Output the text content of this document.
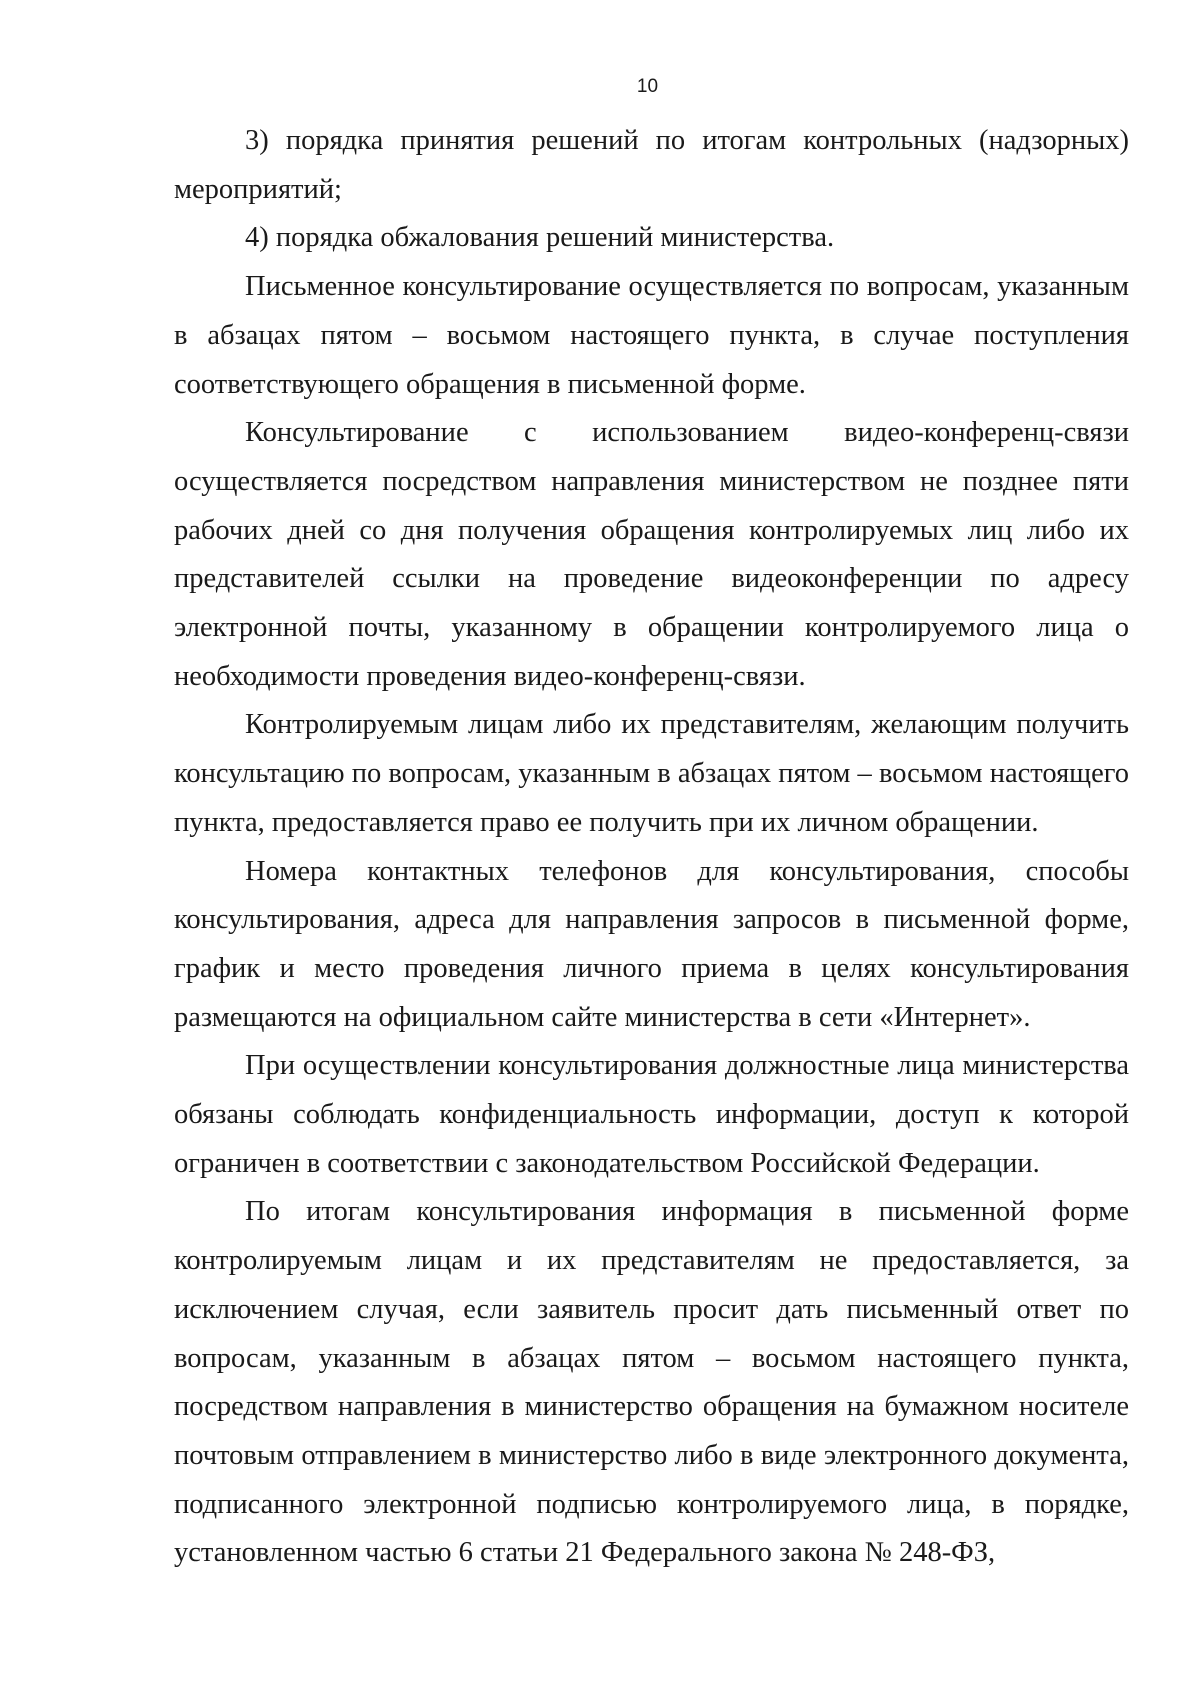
10

3) порядка принятия решений по итогам контрольных (надзорных) мероприятий;

4) порядка обжалования решений министерства.

Письменное консультирование осуществляется по вопросам, указанным в абзацах пятом – восьмом настоящего пункта, в случае поступления соответствующего обращения в письменной форме.

Консультирование с использованием видео-конференц-связи осуществляется посредством направления министерством не позднее пяти рабочих дней со дня получения обращения контролируемых лиц либо их представителей ссылки на проведение видеоконференции по адресу электронной почты, указанному в обращении контролируемого лица о необходимости проведения видео-конференц-связи.

Контролируемым лицам либо их представителям, желающим получить консультацию по вопросам, указанным в абзацах пятом – восьмом настоящего пункта, предоставляется право ее получить при их личном обращении.

Номера контактных телефонов для консультирования, способы консультирования, адреса для направления запросов в письменной форме, график и место проведения личного приема в целях консультирования размещаются на официальном сайте министерства в сети «Интернет».

При осуществлении консультирования должностные лица министерства обязаны соблюдать конфиденциальность информации, доступ к которой ограничен в соответствии с законодательством Российской Федерации.

По итогам консультирования информация в письменной форме контролируемым лицам и их представителям не предоставляется, за исключением случая, если заявитель просит дать письменный ответ по вопросам, указанным в абзацах пятом – восьмом настоящего пункта, посредством направления в министерство обращения на бумажном носителе почтовым отправлением в министерство либо в виде электронного документа, подписанного электронной подписью контролируемого лица, в порядке, установленном частью 6 статьи 21 Федерального закона № 248-ФЗ,
